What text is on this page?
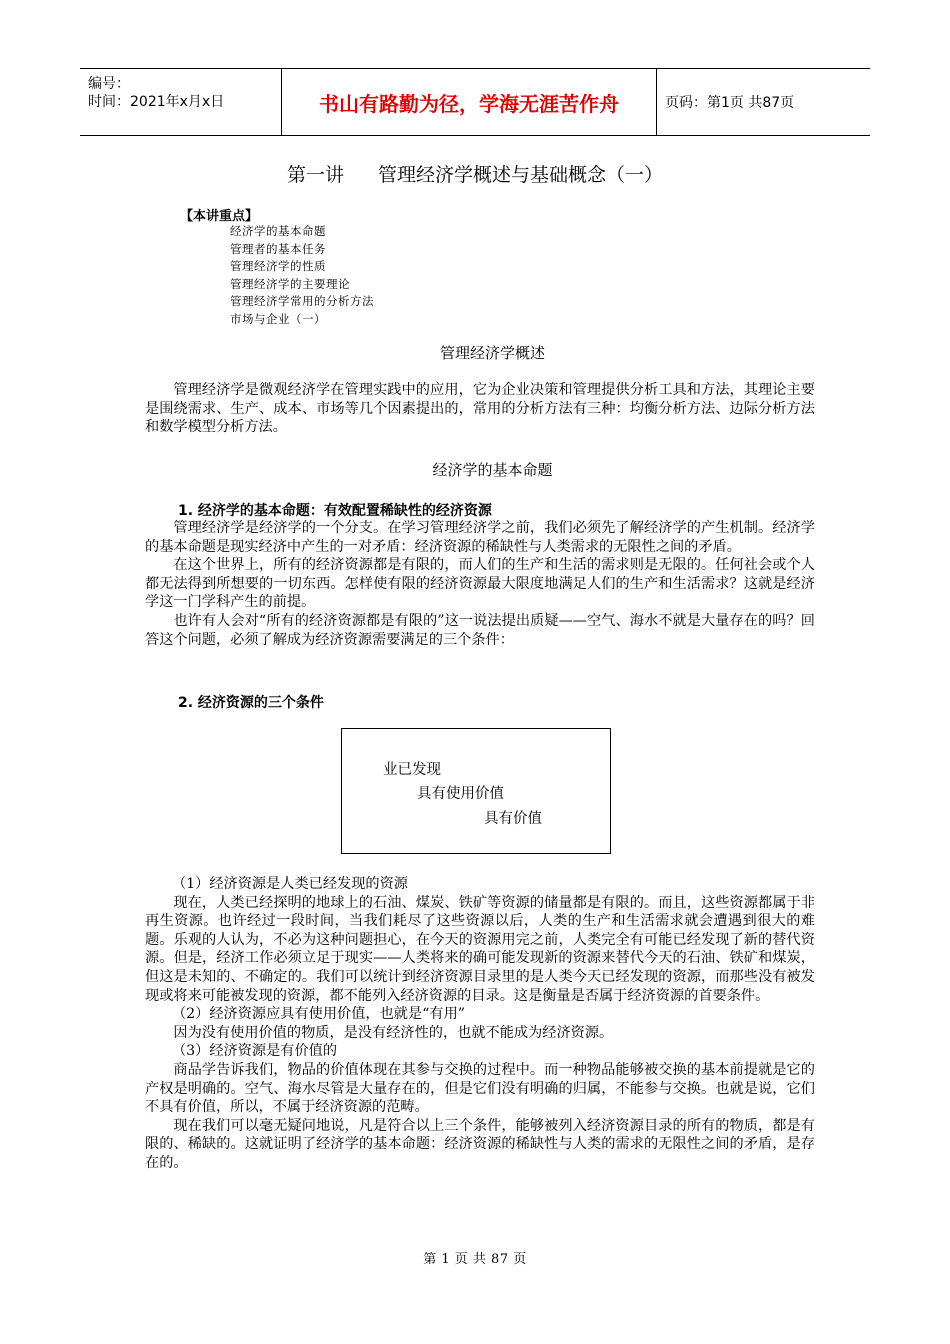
编号：
时间：2021年x月x日	书山有路勤为径，学海无涯苦作舟	页码：第1页 共87页
第一讲 管理经济学概述与基础概念（一）
【本讲重点】
经济学的基本命题
管理者的基本任务
管理经济学的性质
管理经济学的主要理论
管理经济学常用的分析方法
市场与企业（一）
管理经济学概述

管理经济学是微观经济学在管理实践中的应用，它为企业决策和管理提供分析工具和方法，其理论主要是围绕需求、生产、成本、市场等几个因素提出的，常用的分析方法有三种：均衡分析方法、边际分析方法和数学模型分析方法。

经济学的基本命题
1. 经济学的基本命题：有效配置稀缺性的经济资源

管理经济学是经济学的一个分支。在学习管理经济学之前，我们必须先了解经济学的产生机制。经济学的基本命题是现实经济中产生的一对矛盾：经济资源的稀缺性与人类需求的无限性之间的矛盾。

在这个世界上，所有的经济资源都是有限的，而人们的生产和生活的需求则是无限的。任何社会或个人都无法得到所想要的一切东西。怎样使有限的经济资源最大限度地满足人们的生产和生活需求？这就是经济学这一门学科产生的前提。

也许有人会对“所有的经济资源都是有限的”这一说法提出质疑——空气、海水不就是大量存在的吗？回答这个问题，必须了解成为经济资源需要满足的三个条件：

2. 经济资源的三个条件
业已发现
具有使用价值
具有价值

（1）经济资源是人类已经发现的资源

现在，人类已经探明的地球上的石油、煤炭、铁矿等资源的储量都是有限的。而且，这些资源都属于非再生资源。也许经过一段时间，当我们耗尽了这些资源以后，人类的生产和生活需求就会遭遇到很大的难题。乐观的人认为，不必为这种问题担心，在今天的资源用完之前，人类完全有可能已经发现了新的替代资源。但是，经济工作必须立足于现实——人类将来的确可能发现新的资源来替代今天的石油、铁矿和煤炭，但这是未知的、不确定的。我们可以统计到经济资源目录里的是人类今天已经发现的资源，而那些没有被发现或将来可能被发现的资源，都不能列入经济资源的目录。这是衡量是否属于经济资源的首要条件。

（2）经济资源应具有使用价值，也就是“有用”

因为没有使用价值的物质，是没有经济性的，也就不能成为经济资源。

（3）经济资源是有价值的

商品学告诉我们，物品的价值体现在其参与交换的过程中。而一种物品能够被交换的基本前提就是它的产权是明确的。空气、海水尽管是大量存在的，但是它们没有明确的归属，不能参与交换。也就是说，它们不具有价值，所以，不属于经济资源的范畴。

现在我们可以毫无疑问地说，凡是符合以上三个条件，能够被列入经济资源目录的所有的物质，都是有限的、稀缺的。这就证明了经济学的基本命题：经济资源的稀缺性与人类的需求的无限性之间的矛盾，是存在的。

第 1 页 共 87 页
